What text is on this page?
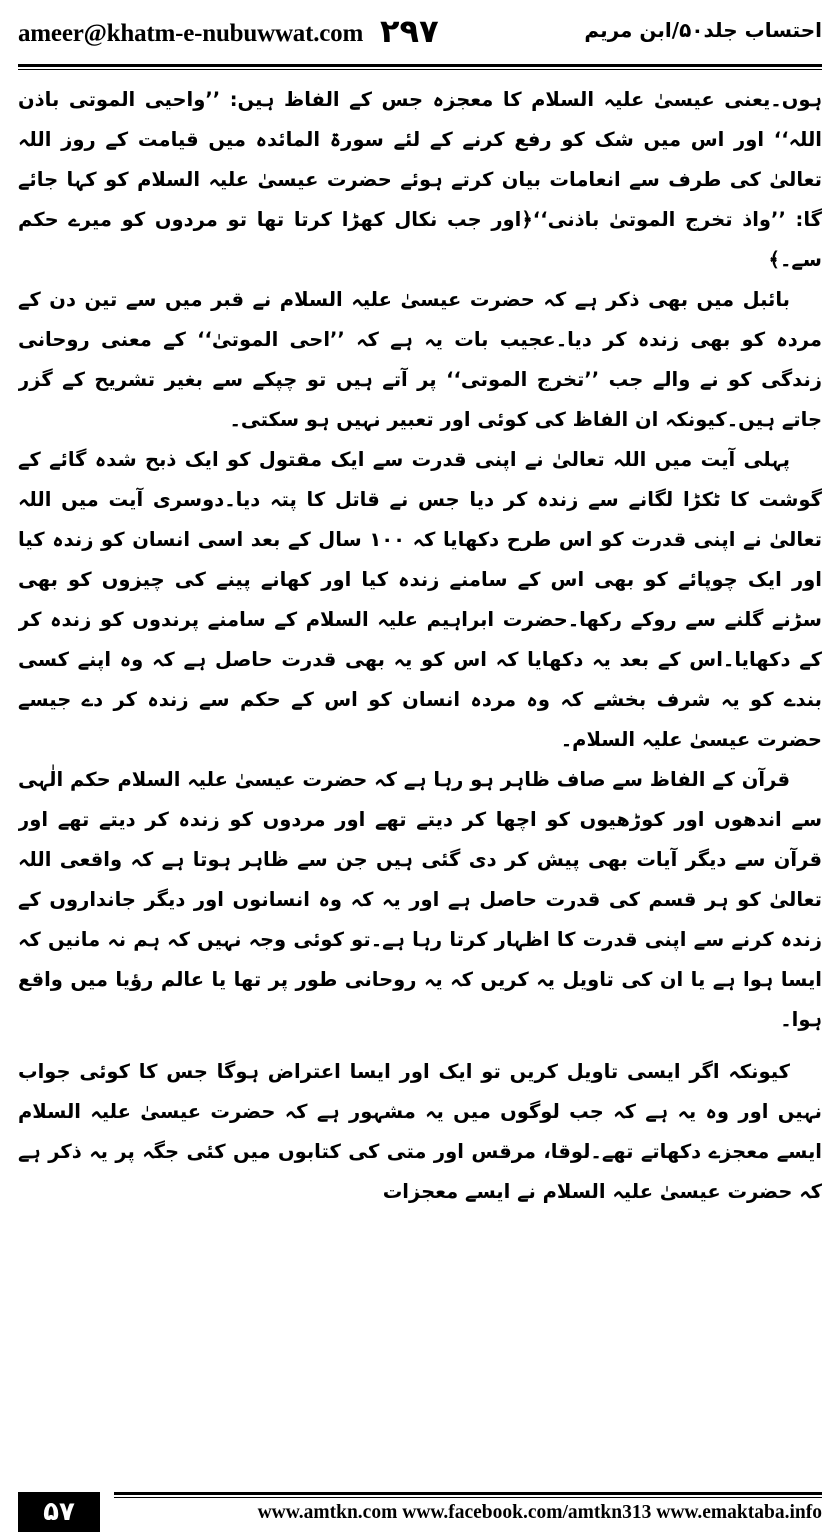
ameer@khatm-e-nubuwwat.com ۲۹۷	احتساب جلد۵۰/ابن مریم

ہوں۔یعنی عیسیٰ علیہ السلام کا معجزہ جس کے الفاظ ہیں: ’’واحیی الموتی باذن اللہ‘‘ اور اس میں شک کو رفع کرنے کے لئے سورۃ المائدہ میں قیامت کے روز اللہ تعالیٰ کی طرف سے انعامات بیان کرتے ہوئے حضرت عیسیٰ علیہ السلام کو کہا جائے گا: ’’واذ تخرج الموتیٰ باذنی‘‘﴿اور جب نکال کھڑا کرتا تھا تو مردوں کو میرے حکم سے۔﴾

بائبل میں بھی ذکر ہے کہ حضرت عیسیٰ علیہ السلام نے قبر میں سے تین دن کے مردہ کو بھی زندہ کر دیا۔عجیب بات یہ ہے کہ ’’احی الموتیٰ‘‘ کے معنی روحانی زندگی کو نے والے جب ’’تخرج الموتی‘‘ پر آتے ہیں تو چپکے سے بغیر تشریح کے گزر جاتے ہیں۔کیونکہ ان الفاظ کی کوئی اور تعبیر نہیں ہو سکتی۔

پہلی آیت میں اللہ تعالیٰ نے اپنی قدرت سے ایک مقتول کو ایک ذبح شدہ گائے کے گوشت کا ٹکڑا لگانے سے زندہ کر دیا جس نے قاتل کا پتہ دیا۔دوسری آیت میں اللہ تعالیٰ نے اپنی قدرت کو اس طرح دکھایا کہ ۱۰۰ سال کے بعد اسی انسان کو زندہ کیا اور ایک چوپائے کو بھی اس کے سامنے زندہ کیا اور کھانے پینے کی چیزوں کو بھی سڑنے گلنے سے روکے رکھا۔حضرت ابراہیم علیہ السلام کے سامنے پرندوں کو زندہ کر کے دکھایا۔اس کے بعد یہ دکھایا کہ اس کو یہ بھی قدرت حاصل ہے کہ وہ اپنے کسی بندے کو یہ شرف بخشے کہ وہ مردہ انسان کو اس کے حکم سے زندہ کر دے جیسے حضرت عیسیٰ علیہ السلام۔

قرآن کے الفاظ سے صاف ظاہر ہو رہا ہے کہ حضرت عیسیٰ علیہ السلام حکم الٰہی سے اندھوں اور کوڑھیوں کو اچھا کر دیتے تھے اور مردوں کو زندہ کر دیتے تھے اور قرآن سے دیگر آیات بھی پیش کر دی گئی ہیں جن سے ظاہر ہوتا ہے کہ واقعی اللہ تعالیٰ کو ہر قسم کی قدرت حاصل ہے اور یہ کہ وہ انسانوں اور دیگر جانداروں کے زندہ کرنے سے اپنی قدرت کا اظہار کرتا رہا ہے۔تو کوئی وجہ نہیں کہ ہم نہ مانیں کہ ایسا ہوا ہے یا ان کی تاویل یہ کریں کہ یہ روحانی طور پر تھا یا عالم رؤیا میں واقع ہوا۔

کیونکہ اگر ایسی تاویل کریں تو ایک اور ایسا اعتراض ہوگا جس کا کوئی جواب نہیں اور وہ یہ ہے کہ جب لوگوں میں یہ مشہور ہے کہ حضرت عیسیٰ علیہ السلام ایسے معجزے دکھاتے تھے۔لوقا، مرقس اور متی کی کتابوں میں کئی جگہ پر یہ ذکر ہے کہ حضرت عیسیٰ علیہ السلام نے ایسے معجزات

۵۷	www.amtkn.com www.facebook.com/amtkn313 www.emaktaba.info
